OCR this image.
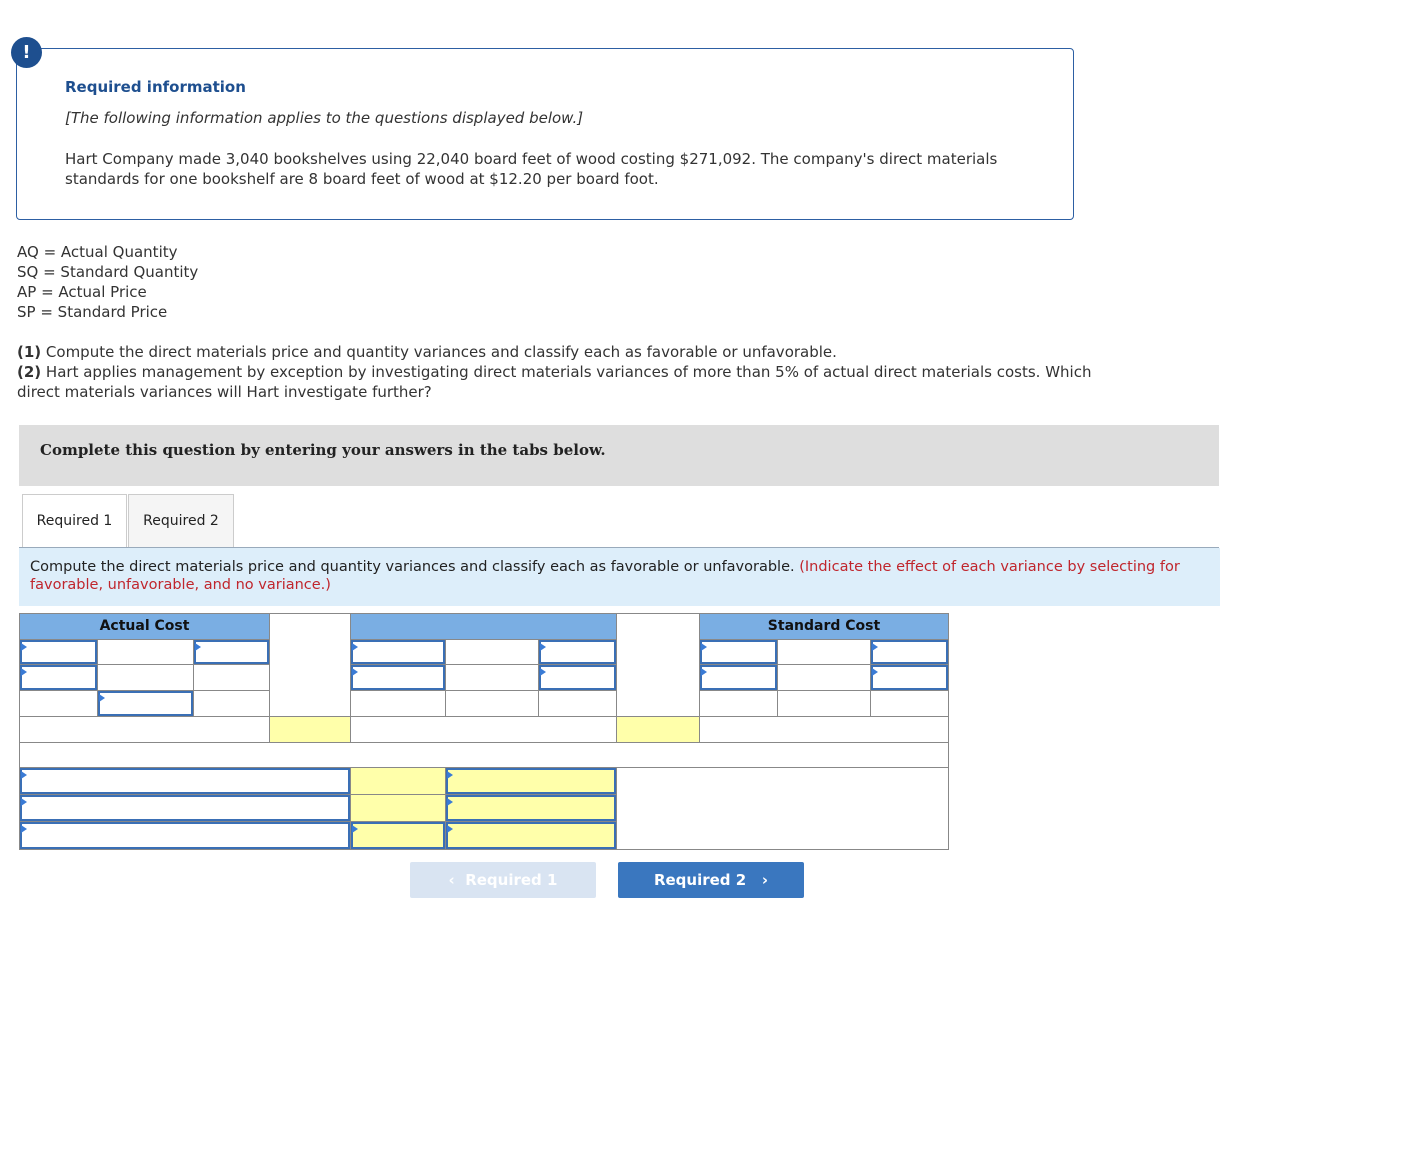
!
Required information
[The following information applies to the questions displayed below.]
Hart Company made 3,040 bookshelves using 22,040 board feet of wood costing $271,092. The company's direct materials standards for one bookshelf are 8 board feet of wood at $12.20 per board foot.
AQ = Actual Quantity
SQ = Standard Quantity
AP = Actual Price
SP = Standard Price
(1) Compute the direct materials price and quantity variances and classify each as favorable or unfavorable.
(2) Hart applies management by exception by investigating direct materials variances of more than 5% of actual direct materials costs. Which direct materials variances will Hart investigate further?
Complete this question by entering your answers in the tabs below.
Required 1	Required 2
Compute the direct materials price and quantity variances and classify each as favorable or unfavorable. (Indicate the effect of each variance by selecting for favorable, unfavorable, and no variance.)
Actual Cost	Standard Cost
‹  Required 1	Required 2   ›
